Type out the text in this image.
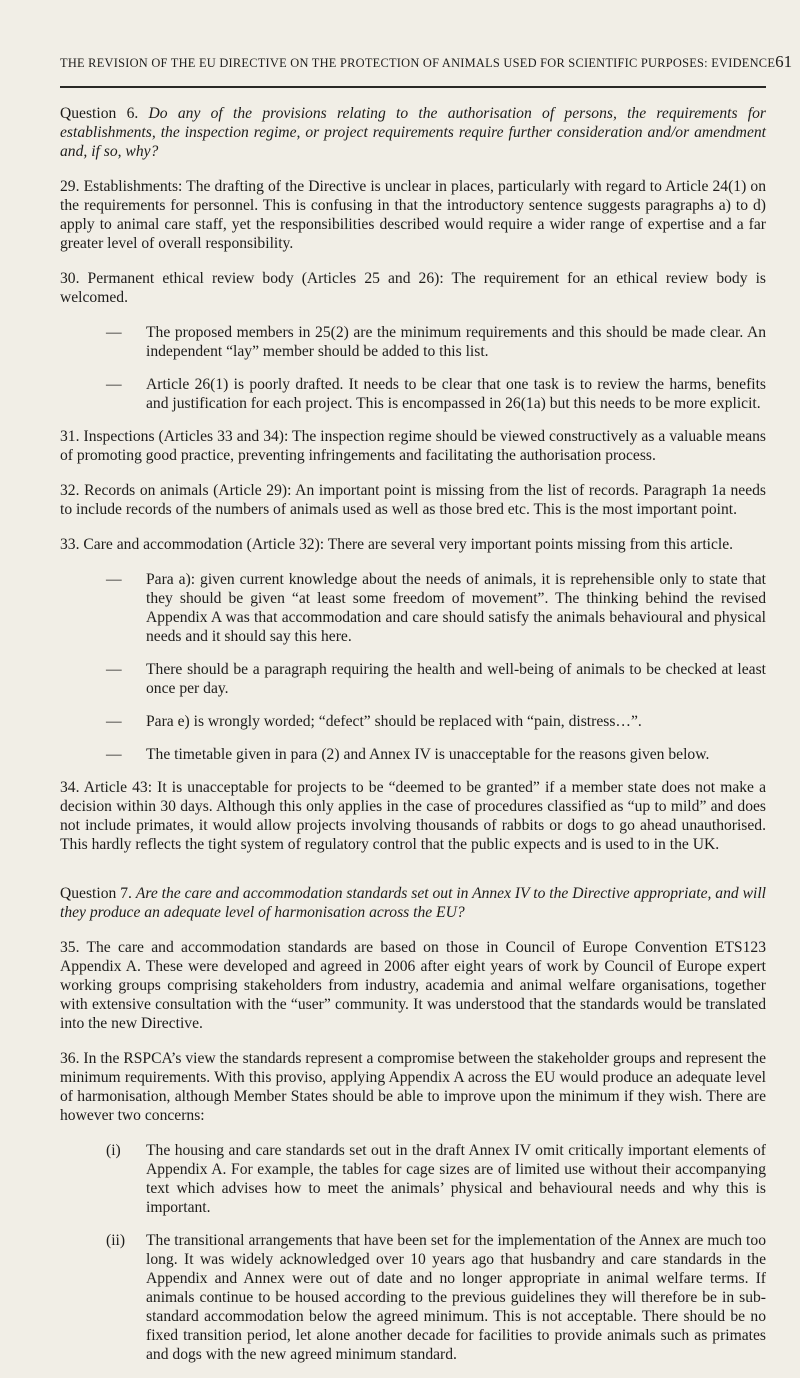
THE REVISION OF THE EU DIRECTIVE ON THE PROTECTION OF ANIMALS USED FOR SCIENTIFIC PURPOSES: EVIDENCE 61

Question 6. Do any of the provisions relating to the authorisation of persons, the requirements for establishments, the inspection regime, or project requirements require further consideration and/or amendment and, if so, why?

29. Establishments: The drafting of the Directive is unclear in places, particularly with regard to Article 24(1) on the requirements for personnel. This is confusing in that the introductory sentence suggests paragraphs a) to d) apply to animal care staff, yet the responsibilities described would require a wider range of expertise and a far greater level of overall responsibility.

30. Permanent ethical review body (Articles 25 and 26): The requirement for an ethical review body is welcomed.

—	The proposed members in 25(2) are the minimum requirements and this should be made clear. An independent “lay” member should be added to this list.

—	Article 26(1) is poorly drafted. It needs to be clear that one task is to review the harms, benefits and justification for each project. This is encompassed in 26(1a) but this needs to be more explicit.

31. Inspections (Articles 33 and 34): The inspection regime should be viewed constructively as a valuable means of promoting good practice, preventing infringements and facilitating the authorisation process.

32. Records on animals (Article 29): An important point is missing from the list of records. Paragraph 1a needs to include records of the numbers of animals used as well as those bred etc. This is the most important point.

33. Care and accommodation (Article 32): There are several very important points missing from this article.

—	Para a): given current knowledge about the needs of animals, it is reprehensible only to state that they should be given “at least some freedom of movement”. The thinking behind the revised Appendix A was that accommodation and care should satisfy the animals behavioural and physical needs and it should say this here.

—	There should be a paragraph requiring the health and well-being of animals to be checked at least once per day.

—	Para e) is wrongly worded; “defect” should be replaced with “pain, distress…”.

—	The timetable given in para (2) and Annex IV is unacceptable for the reasons given below.

34. Article 43: It is unacceptable for projects to be “deemed to be granted” if a member state does not make a decision within 30 days. Although this only applies in the case of procedures classified as “up to mild” and does not include primates, it would allow projects involving thousands of rabbits or dogs to go ahead unauthorised. This hardly reflects the tight system of regulatory control that the public expects and is used to in the UK.

Question 7. Are the care and accommodation standards set out in Annex IV to the Directive appropriate, and will they produce an adequate level of harmonisation across the EU?

35. The care and accommodation standards are based on those in Council of Europe Convention ETS123 Appendix A. These were developed and agreed in 2006 after eight years of work by Council of Europe expert working groups comprising stakeholders from industry, academia and animal welfare organisations, together with extensive consultation with the “user” community. It was understood that the standards would be translated into the new Directive.

36. In the RSPCA’s view the standards represent a compromise between the stakeholder groups and represent the minimum requirements. With this proviso, applying Appendix A across the EU would produce an adequate level of harmonisation, although Member States should be able to improve upon the minimum if they wish. There are however two concerns:

(i)	The housing and care standards set out in the draft Annex IV omit critically important elements of Appendix A. For example, the tables for cage sizes are of limited use without their accompanying text which advises how to meet the animals’ physical and behavioural needs and why this is important.

(ii)	The transitional arrangements that have been set for the implementation of the Annex are much too long. It was widely acknowledged over 10 years ago that husbandry and care standards in the Appendix and Annex were out of date and no longer appropriate in animal welfare terms. If animals continue to be housed according to the previous guidelines they will therefore be in sub-standard accommodation below the agreed minimum. This is not acceptable. There should be no fixed transition period, let alone another decade for facilities to provide animals such as primates and dogs with the new agreed minimum standard.
